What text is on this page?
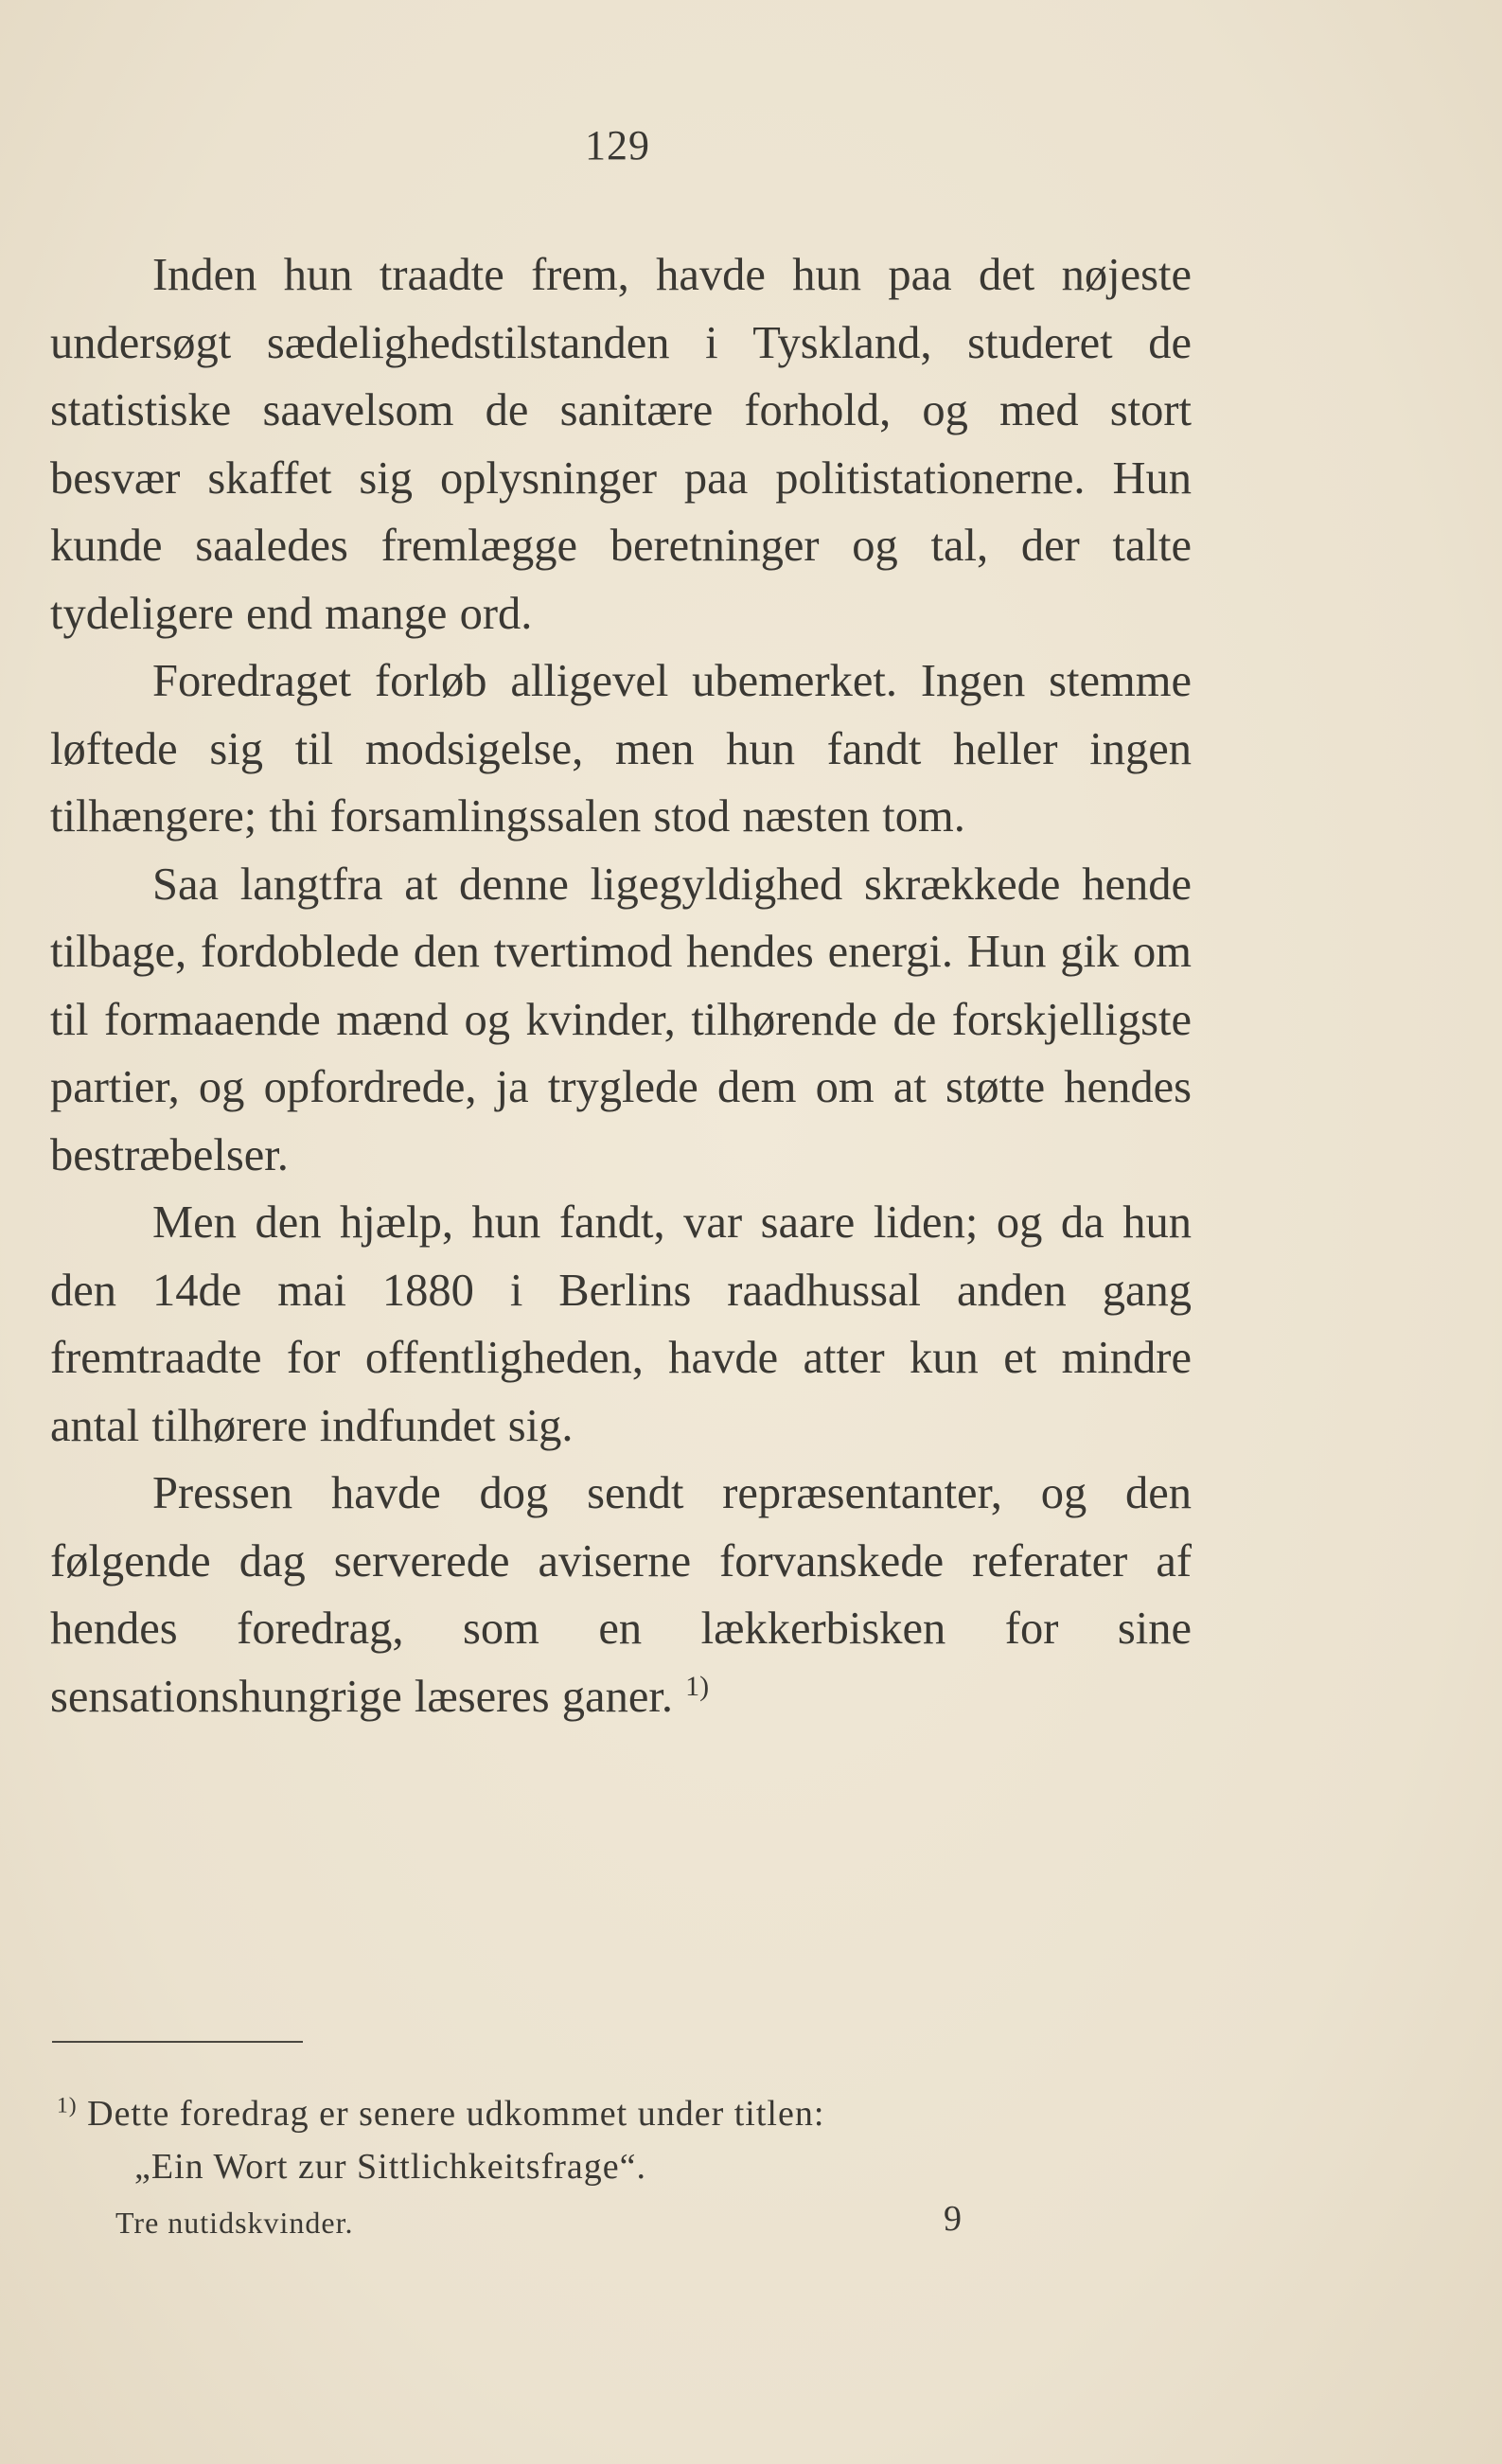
129

Inden hun traadte frem, havde hun paa det nøjeste undersøgt sædelighedstilstanden i Tyskland, studeret de statistiske saavelsom de sanitære forhold, og med stort besvær skaffet sig oplysninger paa politistationerne. Hun kunde saaledes fremlægge beretninger og tal, der talte tydeligere end mange ord.

Foredraget forløb alligevel ubemerket. Ingen stemme løftede sig til modsigelse, men hun fandt heller ingen tilhængere; thi forsamlingssalen stod næsten tom.

Saa langtfra at denne ligegyldighed skrækkede hende tilbage, fordoblede den tvertimod hendes energi. Hun gik om til formaaende mænd og kvinder, tilhørende de forskjelligste partier, og opfordrede, ja tryglede dem om at støtte hendes bestræbelser.

Men den hjælp, hun fandt, var saare liden; og da hun den 14de mai 1880 i Berlins raadhussal anden gang fremtraadte for offentligheden, havde atter kun et mindre antal tilhørere indfundet sig.

Pressen havde dog sendt repræsentanter, og den følgende dag serverede aviserne forvanskede referater af hendes foredrag, som en lækkerbisken for sine sensationshungrige læseres ganer. $^{1)}$

$^{1)}$ Dette foredrag er senere udkommet under titlen:
„Ein Wort zur Sittlichkeitsfrage“.
Tre nutidskvinder.	9
